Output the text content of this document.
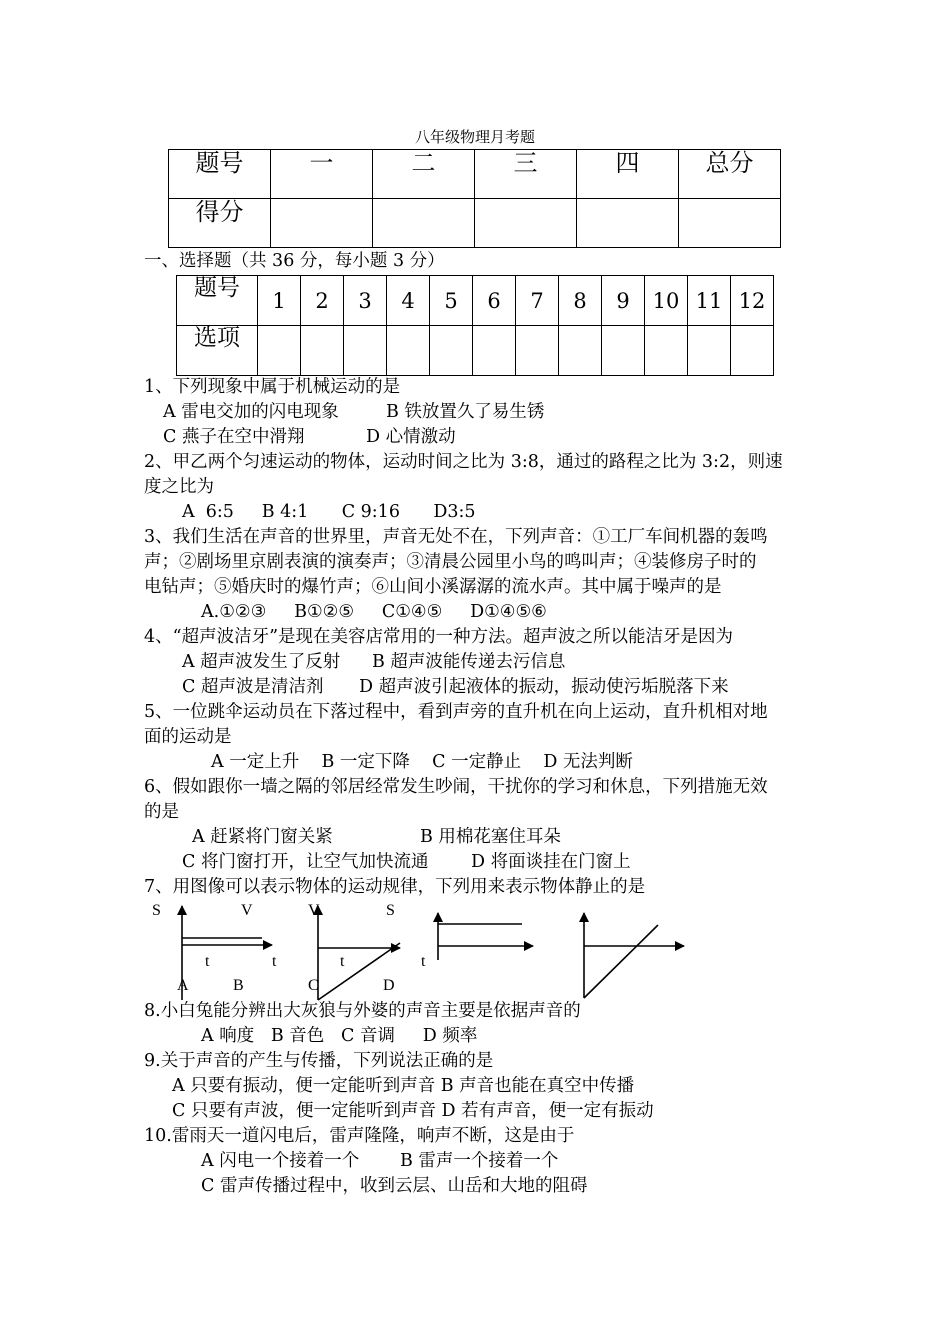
八年级物理月考题
题号	一	二	三	四	总分
得分					
一、选择题（共 36 分，每小题 3 分）
题号	1	2	3	4	5	6	7	8	9	10	11	12
选项												
1、下列现象中属于机械运动的是
A 雷电交加的闪电现象	B 铁放置久了易生锈
C 燕子在空中滑翔	D 心情激动
2、甲乙两个匀速运动的物体，运动时间之比为 3:8，通过的路程之比为 3:2，则速
度之比为
A  6:5     B 4:1      C 9:16      D3:5
3、我们生活在声音的世界里，声音无处不在，下列声音：①工厂车间机器的轰鸣
声；②剧场里京剧表演的演奏声；③清晨公园里小鸟的鸣叫声；④装修房子时的
电钻声；⑤婚庆时的爆竹声；⑥山间小溪潺潺的流水声。其中属于噪声的是
A.①②③     B①②⑤     C①④⑤     D①④⑤⑥
4、“超声波洁牙”是现在美容店常用的一种方法。超声波之所以能洁牙是因为
A 超声波发生了反射 B 超声波能传递去污信息
C 超声波是清洁剂 D 超声波引起液体的振动，振动使污垢脱落下来
5、一位跳伞运动员在下落过程中，看到声旁的直升机在向上运动，直升机相对地
面的运动是
A 一定上升    B 一定下降    C 一定静止    D 无法判断
6、假如跟你一墙之隔的邻居经常发生吵闹，干扰你的学习和休息，下列措施无效
的是
A 赶紧将门窗关紧	B 用棉花塞住耳朵
C 将门窗打开，让空气加快流通 D 将面谈挂在门窗上
7、用图像可以表示物体的运动规律，下列用来表示物体静止的是
S	V	V	S
t	t	t	t
A	B	C	D
8.小白兔能分辨出大灰狼与外婆的声音主要是依据声音的
A 响度   B 音色   C 音调     D 频率
9.关于声音的产生与传播，下列说法正确的是
A 只要有振动，便一定能听到声音 B 声音也能在真空中传播
C 只要有声波，便一定能听到声音 D 若有声音，便一定有振动
10.雷雨天一道闪电后，雷声隆隆，响声不断，这是由于
A 闪电一个接着一个 B 雷声一个接着一个
C 雷声传播过程中，收到云层、山岳和大地的阻碍
